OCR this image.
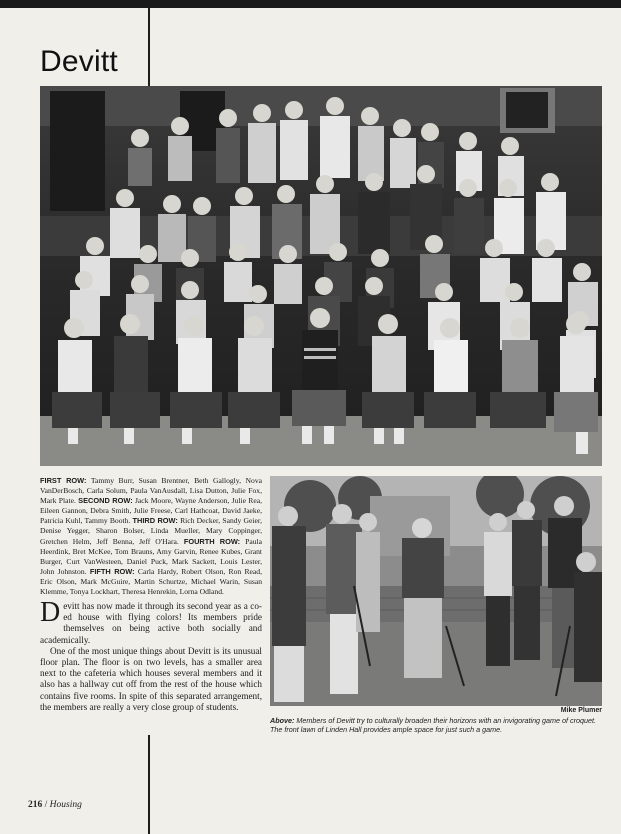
Devitt

FIRST ROW: Tammy Burr, Susan Brentner, Beth Gallogly, Nova VanDerBosch, Carla Solum, Paula VanAusdall, Lisa Dutton, Julie Fox, Mark Plate. SECOND ROW: Jack Moore, Wayne Anderson, Julie Rea, Eileen Gannon, Debra Smith, Julie Freese, Carl Hathcoat, David Jaeke, Patricia Kuhl, Tammy Booth. THIRD ROW: Rich Decker, Sandy Geier, Denise Yegger, Sharon Bolser, Linda Mueller, Mary Coppinger, Gretchen Helm, Jeff Benna, Jeff O'Hara. FOURTH ROW: Paula Heerdink, Bret McKee, Tom Brauns, Amy Garvin, Renee Kubes, Grant Burger, Curt VanWesteen, Daniel Puck, Mark Sackett, Louis Lester, John Johnston. FIFTH ROW: Carla Hardy, Robert Olson, Ron Read, Eric Olson, Mark McGuire, Martin Schurtze, Michael Warin, Susan Klemme, Tonya Lockhart, Theresa Henrekin, Lorna Odland.

Devitt has now made it through its second year as a co-ed house with flying colors! Its members pride themselves on being active both socially and academically.

One of the most unique things about Devitt is its unusual floor plan. The floor is on two levels, has a smaller area next to the cafeteria which houses several members and it also has a hallway cut off from the rest of the house which contains five rooms. In spite of this separated arrangement, the members are really a very close group of students.	Mike Plumer

Above: Members of Devitt try to culturally broaden their horizons with an invigorating game of croquet. The front lawn of Linden Hall provides ample space for just such a game.

216 / Housing
